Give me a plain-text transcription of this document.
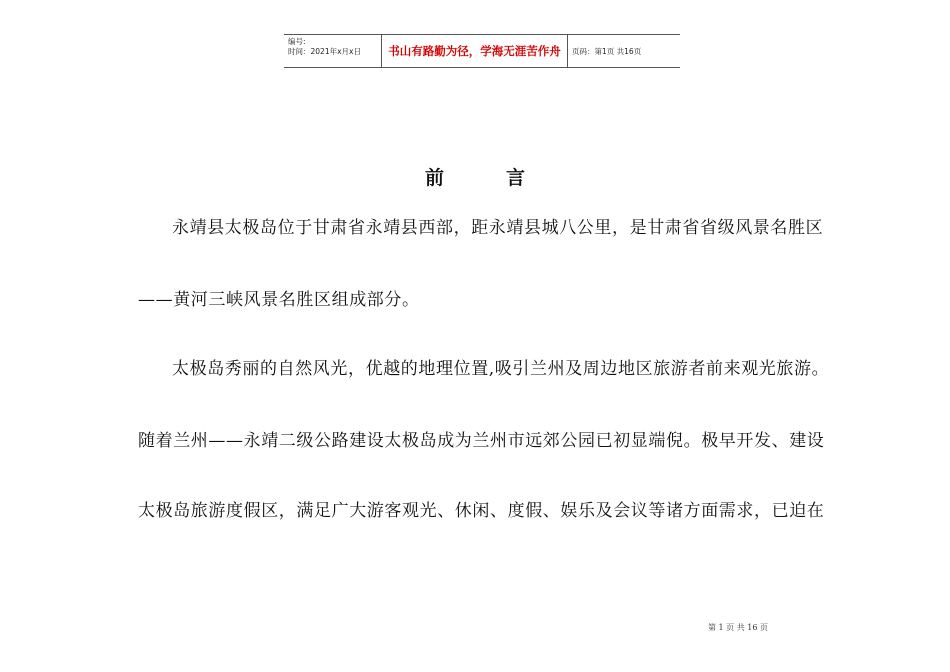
编号:
时间：2021年x月x日	书山有路勤为径，学海无涯苦作舟	页码：第1页 共16页
前言
永靖县太极岛位于甘肃省永靖县西部，距永靖县城八公里，是甘肃省省级风景名胜区
——黄河三峡风景名胜区组成部分。
太极岛秀丽的自然风光，优越的地理位置,吸引兰州及周边地区旅游者前来观光旅游。
随着兰州——永靖二级公路建设太极岛成为兰州市远郊公园已初显端倪。极早开发、建设
太极岛旅游度假区，满足广大游客观光、休闲、度假、娱乐及会议等诸方面需求，已迫在
第 1 页 共 16 页
